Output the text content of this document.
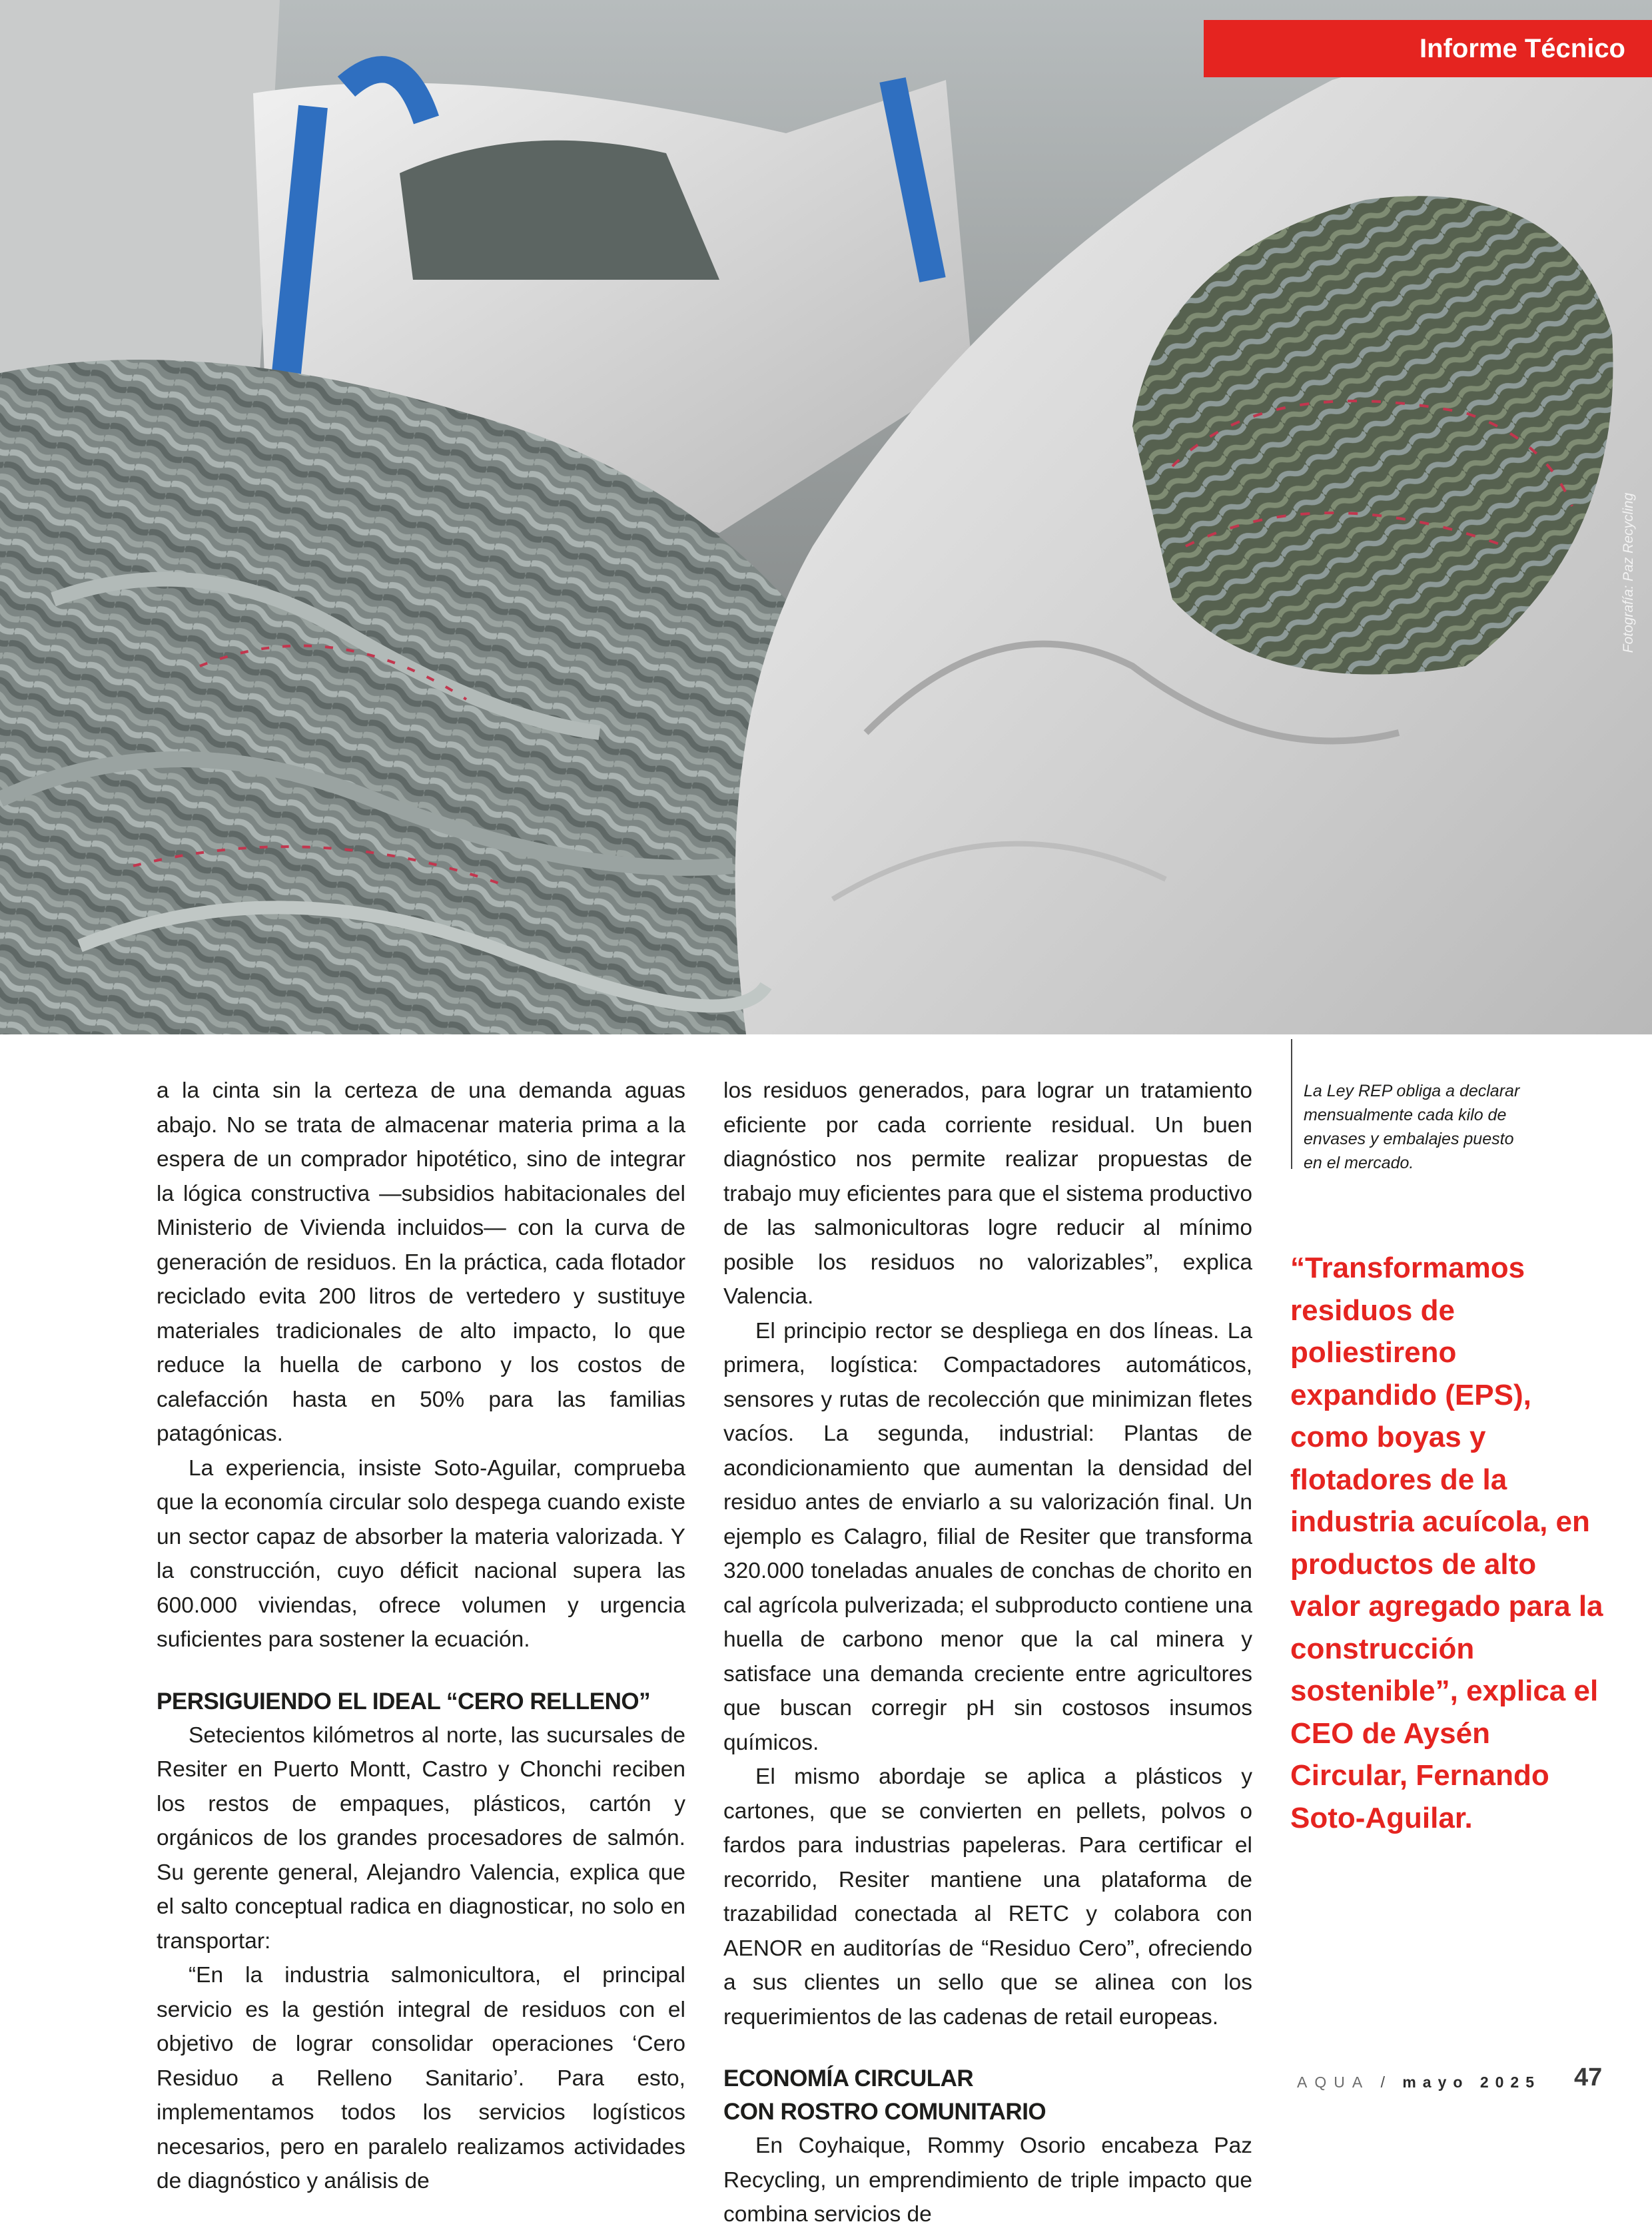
Informe Técnico
Fotografía: Paz Recycling

a la cinta sin la certeza de una demanda aguas abajo. No se trata de almacenar materia prima a la espera de un comprador hipotético, sino de integrar la lógica constructiva —subsidios habitacionales del Ministerio de Vivienda incluidos— con la curva de generación de residuos. En la práctica, cada flotador reciclado evita 200 litros de vertedero y sustituye materiales tradicionales de alto impacto, lo que reduce la huella de carbono y los costos de calefacción hasta en 50% para las familias patagónicas.

La experiencia, insiste Soto-Aguilar, comprueba que la economía circular solo despega cuando existe un sector capaz de absorber la materia valorizada. Y la construcción, cuyo déficit nacional supera las 600.000 viviendas, ofrece volumen y urgencia suficientes para sostener la ecuación.

PERSIGUIENDO EL IDEAL “CERO RELLENO”

Setecientos kilómetros al norte, las sucursales de Resiter en Puerto Montt, Castro y Chonchi reciben los restos de empaques, plásticos, cartón y orgánicos de los grandes procesadores de salmón. Su gerente general, Alejandro Valencia, explica que el salto conceptual radica en diagnosticar, no solo en transportar:

“En la industria salmonicultora, el principal servicio es la gestión integral de residuos con el objetivo de lograr consolidar operaciones ‘Cero Residuo a Relleno Sanitario’. Para esto, implementamos todos los servicios logísticos necesarios, pero en paralelo realizamos actividades de diagnóstico y análisis de

los residuos generados, para lograr un tratamiento eficiente por cada corriente residual. Un buen diagnóstico nos permite realizar propuestas de trabajo muy eficientes para que el sistema productivo de las salmonicultoras logre reducir al mínimo posible los residuos no valorizables”, explica Valencia.

El principio rector se despliega en dos líneas. La primera, logística: Compactadores automáticos, sensores y rutas de recolección que minimizan fletes vacíos. La segunda, industrial: Plantas de acondicionamiento que aumentan la densidad del residuo antes de enviarlo a su valorización final. Un ejemplo es Calagro, filial de Resiter que transforma 320.000 toneladas anuales de conchas de chorito en cal agrícola pulverizada; el subproducto contiene una huella de carbono menor que la cal minera y satisface una demanda creciente entre agricultores que buscan corregir pH sin costosos insumos químicos.

El mismo abordaje se aplica a plásticos y cartones, que se convierten en pellets, polvos o fardos para industrias papeleras. Para certificar el recorrido, Resiter mantiene una plataforma de trazabilidad conectada al RETC y colabora con AENOR en auditorías de “Residuo Cero”, ofreciendo a sus clientes un sello que se alinea con los requerimientos de las cadenas de retail europeas.

ECONOMÍA CIRCULAR
CON ROSTRO COMUNITARIO

En Coyhaique, Rommy Osorio encabeza Paz Recycling, un emprendimiento de triple impacto que combina servicios de

La Ley REP obliga a declarar mensualmente cada kilo de envases y embalajes puesto en el mercado.
“Transformamos residuos de poliestireno expandido (EPS), como boyas y flotadores de la industria acuícola, en productos de alto valor agregado para la construcción sostenible”, explica el CEO de Aysén Circular, Fernando Soto-Aguilar.
AQUA / mayo 2025 47
